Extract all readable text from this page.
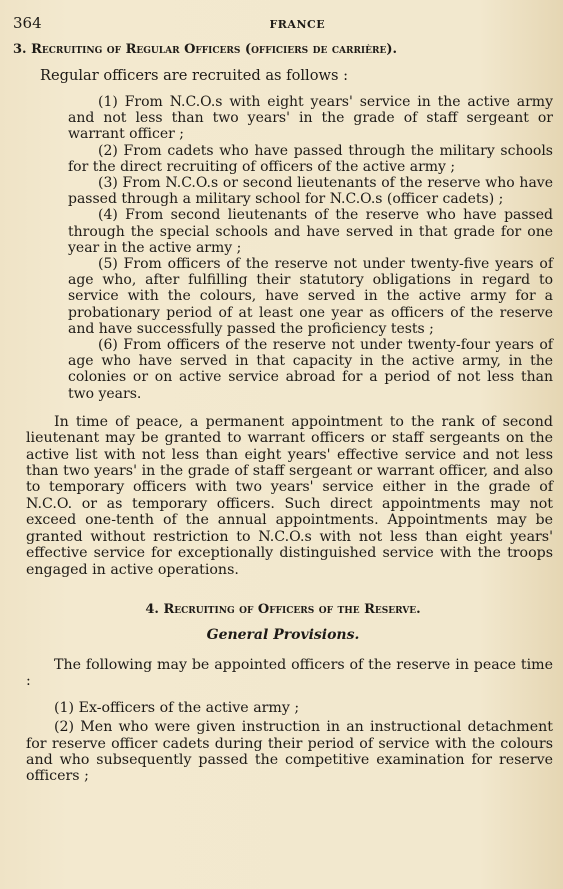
364	FRANCE
3. Recruiting of Regular Officers (officiers de carrière).

Regular officers are recruited as follows :

(1) From N.C.O.s with eight years' service in the active army and not less than two years' in the grade of staff sergeant or warrant officer ;

(2) From cadets who have passed through the military schools for the direct recruiting of officers of the active army ;

(3) From N.C.O.s or second lieutenants of the reserve who have passed through a military school for N.C.O.s (officer cadets) ;

(4) From second lieutenants of the reserve who have passed through the special schools and have served in that grade for one year in the active army ;

(5) From officers of the reserve not under twenty-five years of age who, after fulfilling their statutory obligations in regard to service with the colours, have served in the active army for a probationary period of at least one year as officers of the reserve and have successfully passed the proficiency tests ;

(6) From officers of the reserve not under twenty-four years of age who have served in that capacity in the active army, in the colonies or on active service abroad for a period of not less than two years.

In time of peace, a permanent appointment to the rank of second lieutenant may be granted to warrant officers or staff sergeants on the active list with not less than eight years' effective service and not less than two years' in the grade of staff sergeant or warrant officer, and also to temporary officers with two years' service either in the grade of N.C.O. or as temporary officers. Such direct appointments may not exceed one-tenth of the annual appointments. Appointments may be granted without restriction to N.C.O.s with not less than eight years' effective service for exceptionally distinguished service with the troops engaged in active operations.

4. Recruiting of Officers of the Reserve.
General Provisions.

The following may be appointed officers of the reserve in peace time :

(1) Ex-officers of the active army ;

(2) Men who were given instruction in an instructional detachment for reserve officer cadets during their period of service with the colours and who subsequently passed the competitive examination for reserve officers ;
